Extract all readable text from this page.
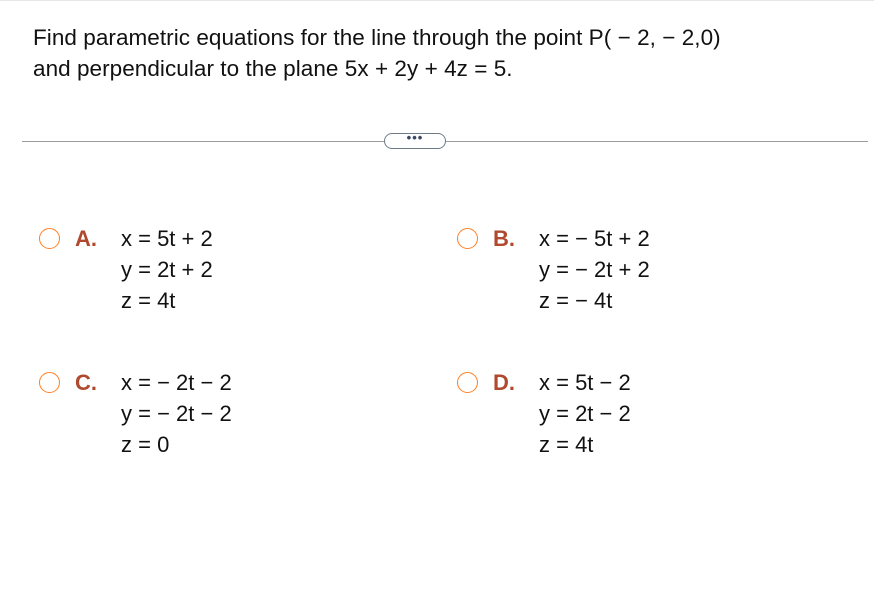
Find parametric equations for the line through the point P( − 2, − 2,0)
and perpendicular to the plane 5x + 2y + 4z = 5.
•••
A. x = 5t + 2
y = 2t + 2
z = 4t
B. x = − 5t + 2
y = − 2t + 2
z = − 4t
C. x = − 2t − 2
y = − 2t − 2
z = 0
D. x = 5t − 2
y = 2t − 2
z = 4t
